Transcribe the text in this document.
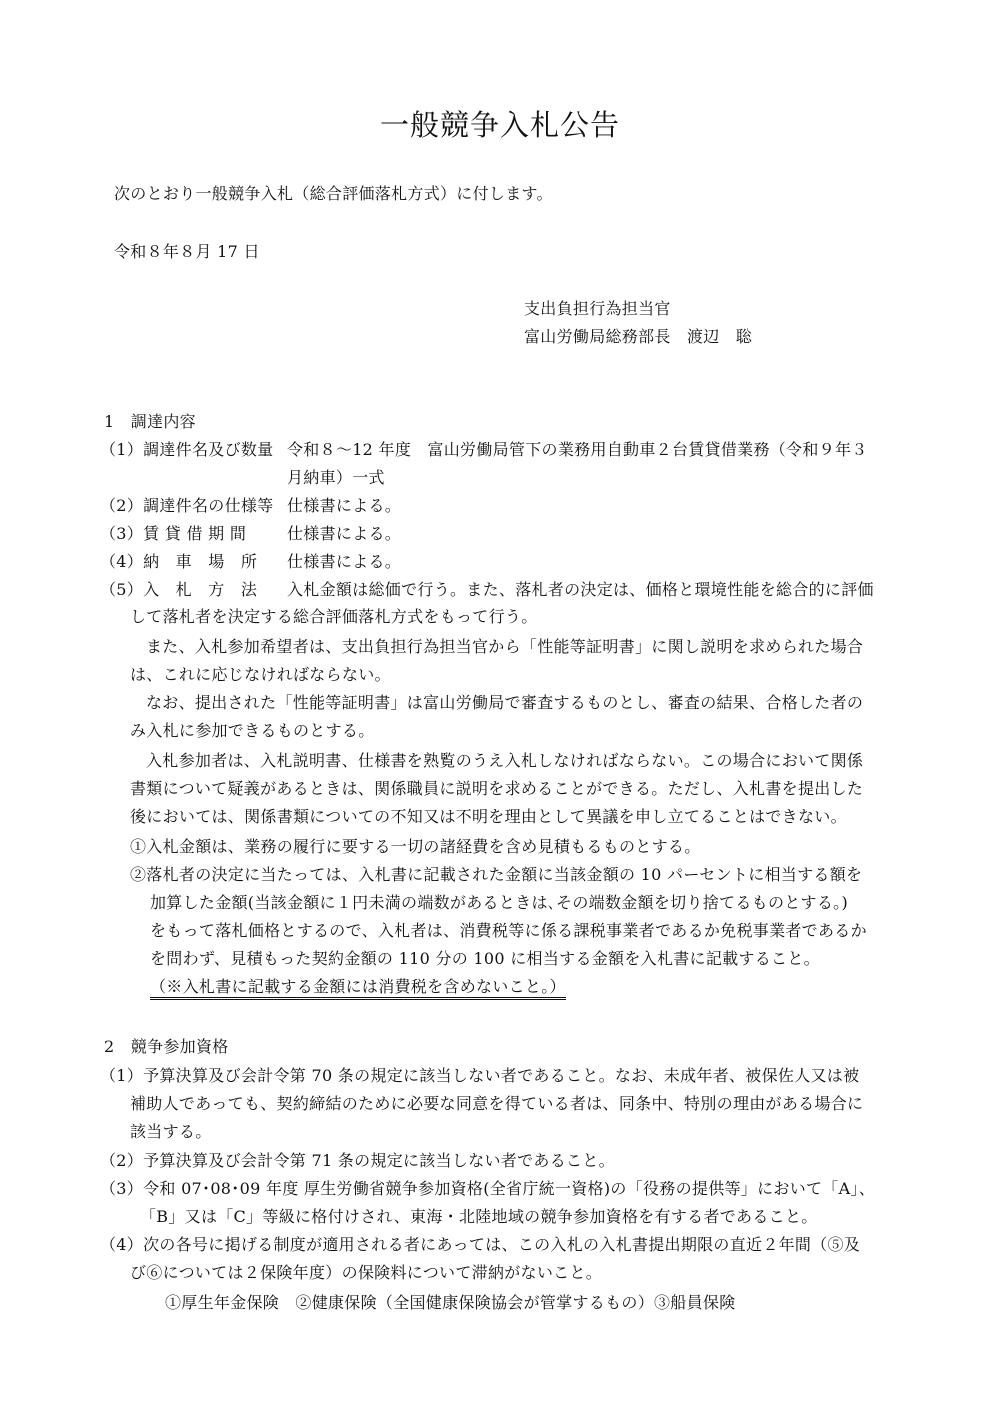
一般競争入札公告
次のとおり一般競争入札（総合評価落札方式）に付します。
令和８年８月 17 日
支出負担行為担当官
富山労働局総務部長　渡辺　聡
1　調達内容
（1）調達件名及び数量 令和８～12 年度　富山労働局管下の業務用自動車２台賃貸借業務（令和９年３
月納車）一式
（2）調達件名の仕様等 仕様書による。
（3）賃 貸 借 期 間	仕様書による。
（4）納　車　場　所 仕様書による。
（5）入　札　方　法 入札金額は総価で行う。また、落札者の決定は、価格と環境性能を総合的に評価
して落札者を決定する総合評価落札方式をもって行う。
また、入札参加希望者は、支出負担行為担当官から「性能等証明書」に関し説明を求められた場合
は、これに応じなければならない。
なお、提出された「性能等証明書」は富山労働局で審査するものとし、審査の結果、合格した者の
み入札に参加できるものとする。
入札参加者は、入札説明書、仕様書を熟覧のうえ入札しなければならない。この場合において関係
書類について疑義があるときは、関係職員に説明を求めることができる。ただし、入札書を提出した
後においては、関係書類についての不知又は不明を理由として異議を申し立てることはできない。
①入札金額は、業務の履行に要する一切の諸経費を含め見積もるものとする。
②落札者の決定に当たっては、入札書に記載された金額に当該金額の 10 パーセントに相当する額を
加算した金額(当該金額に１円未満の端数があるときは､その端数金額を切り捨てるものとする。)
をもって落札価格とするので、入札者は、消費税等に係る課税事業者であるか免税事業者であるか
を問わず、見積もった契約金額の 110 分の 100 に相当する金額を入札書に記載すること。
（※入札書に記載する金額には消費税を含めないこと。）
2　競争参加資格
（1）予算決算及び会計令第 70 条の規定に該当しない者であること。なお、未成年者、被保佐人又は被
補助人であっても、契約締結のために必要な同意を得ている者は、同条中、特別の理由がある場合に
該当する。
（2）予算決算及び会計令第 71 条の規定に該当しない者であること。
（3）令和 07･08･09 年度 厚生労働省競争参加資格(全省庁統一資格)の「役務の提供等」において「A」、
「B」又は「C」等級に格付けされ、東海・北陸地域の競争参加資格を有する者であること。
（4）次の各号に掲げる制度が適用される者にあっては、この入札の入札書提出期限の直近２年間（⑤及
び⑥については２保険年度）の保険料について滞納がないこと。
①厚生年金保険　②健康保険（全国健康保険協会が管掌するもの）③船員保険
